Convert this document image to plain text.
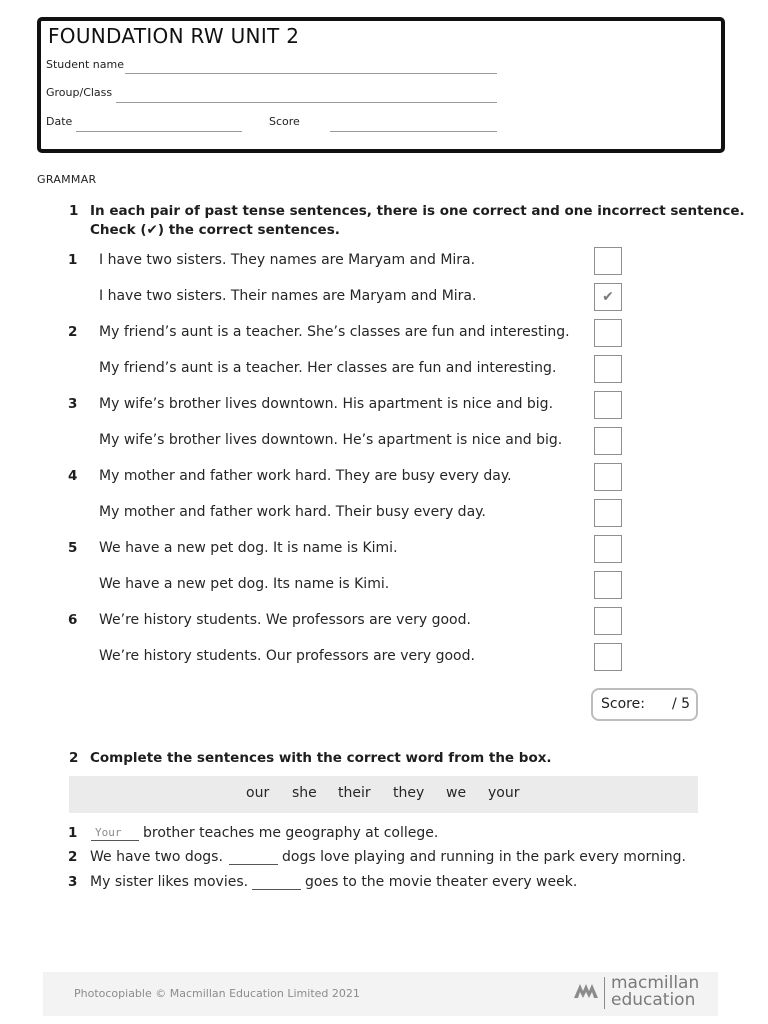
FOUNDATION RW UNIT 2
Student name
Group/Class
Date	Score
GRAMMAR
1 In each pair of past tense sentences, there is one correct and one incorrect sentence.
Check (✔) the correct sentences.
1 I have two sisters. They names are Maryam and Mira.
I have two sisters. Their names are Maryam and Mira.	✔
2 My friend’s aunt is a teacher. She’s classes are fun and interesting.
My friend’s aunt is a teacher. Her classes are fun and interesting.
3 My wife’s brother lives downtown. His apartment is nice and big.
My wife’s brother lives downtown. He’s apartment is nice and big.
4 My mother and father work hard. They are busy every day.
My mother and father work hard. Their busy every day.
5 We have a new pet dog. It is name is Kimi.
We have a new pet dog. Its name is Kimi.
6 We’re history students. We professors are very good.
We’re history students. Our professors are very good.
Score: / 5
2 Complete the sentences with the correct word from the box.
our she their they we your
1 Your brother teaches me geography at college.
2 We have two dogs.	dogs love playing and running in the park every morning.
3 My sister likes movies.	goes to the movie theater every week.
Photocopiable © Macmillan Education Limited 2021
macmillan
education
